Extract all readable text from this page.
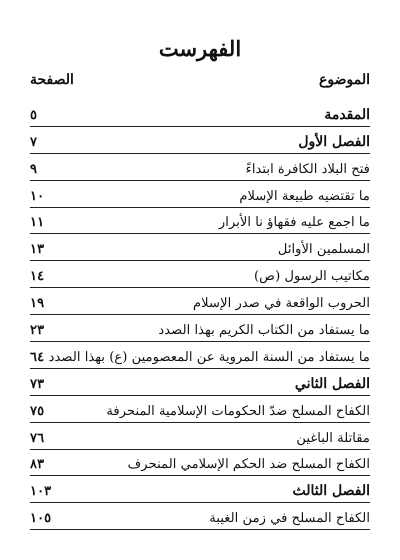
الفهرست
الصفحة	الموضوع
المقدمة
٥
الفصل الأول
٧
فتح البلاد الكافرة ابتداءً
٩
ما تقتضيه طبيعة الإسلام
١٠
ما اجمع عليه فقهاؤ نا الأبرار
١١
المسلمين الأوائل
١٣
مكاتيب الرسول (ص)
١٤
الحروب الواقعة في صدر الإسلام
١٩
ما يستفاد من الكتاب الكريم بهذا الصدد
٢٣
ما يستفاد من السنة المروية عن المعصومين (ع) بهذا الصدد
٦٤
الفصل الثاني
٧٣
الكفاح المسلح ضدّ الحكومات الإسلامية المنحرفة
٧٥
مقاتلة الباغين
٧٦
الكفاح المسلح ضد الحكم الإسلامي المنحرف
٨٣
الفصل الثالث
١٠٣
الكفاح المسلح في زمن الغيبة
١٠٥
